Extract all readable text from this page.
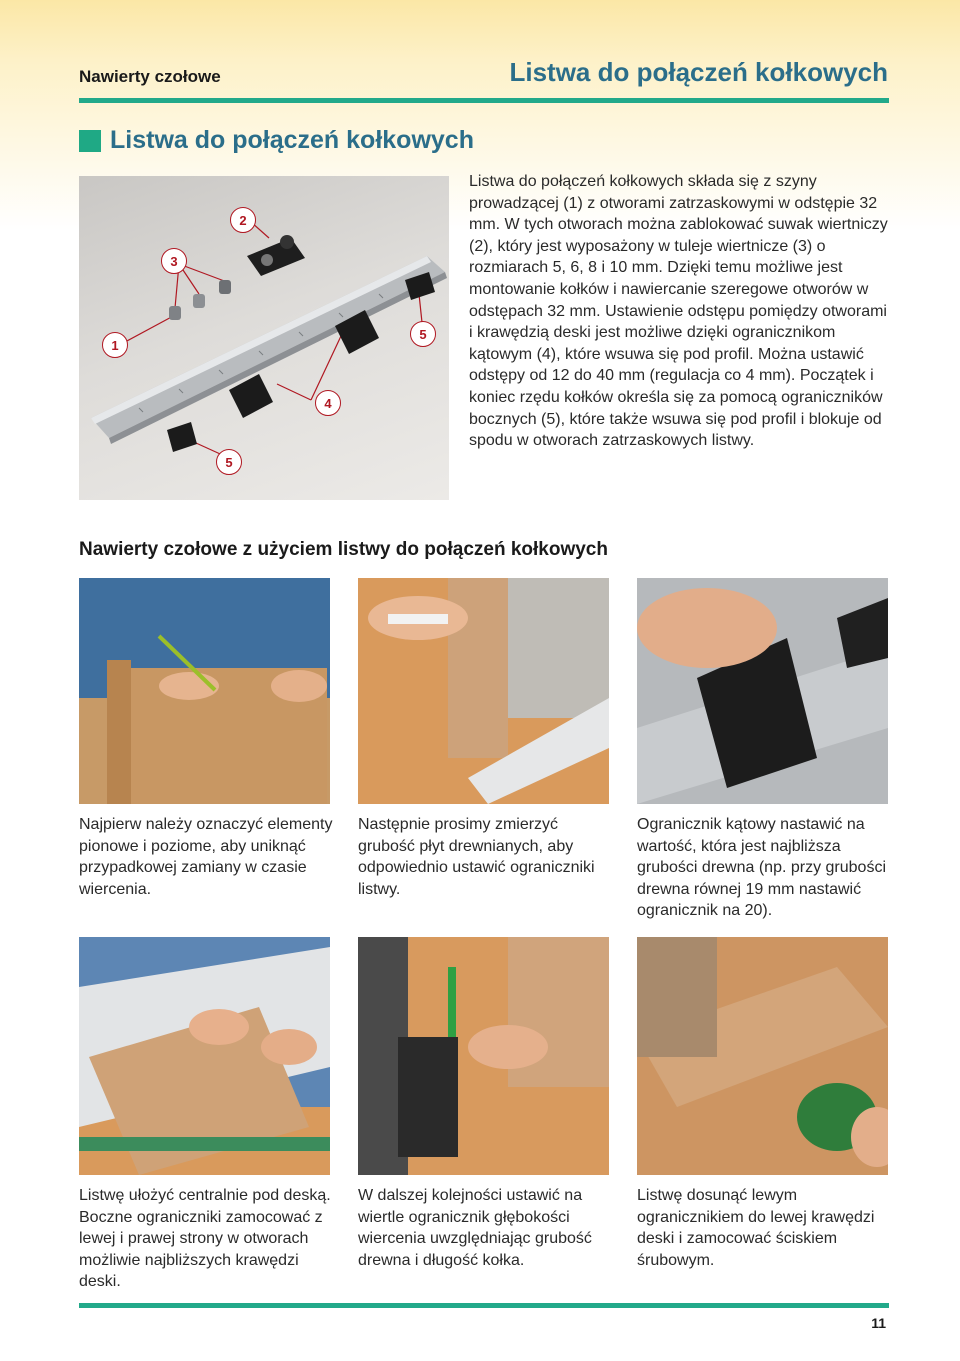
Nawierty czołowe	Listwa do połączeń kołkowych
Listwa do połączeń kołkowych
1
2
3
4
5
5

Listwa do połączeń kołkowych składa się z szyny prowadzącej (1) z otworami zatrzaskowymi w odstępie 32 mm. W tych otworach można zablokować suwak wiertniczy (2), który jest wyposażony w tuleje wiertnicze (3) o rozmiarach 5, 6, 8 i 10 mm. Dzięki temu możliwe jest montowanie kołków i nawiercanie szeregowe otworów w odstępach 32 mm. Ustawienie odstępu pomiędzy otworami i krawędzią deski jest możliwe dzięki ogranicznikom kątowym (4), które wsuwa się pod profil. Można ustawić odstępy od 12 do 40 mm (regulacja co 4 mm). Początek i koniec rzędu kołków określa się za pomocą ograniczników bocznych (5), które także wsuwa się pod profil i blokuje od spodu w otworach zatrzaskowych listwy.

Nawierty czołowe z użyciem listwy do połączeń kołkowych

Najpierw należy oznaczyć elementy pionowe i poziome, aby uniknąć przypadkowej zamiany w czasie wiercenia.

Następnie prosimy zmierzyć grubość płyt drewnianych, aby odpowiednio ustawić ograniczniki listwy.

Ogranicznik kątowy nastawić na wartość, która jest najbliższa grubości drewna (np. przy grubości drewna równej 19 mm nastawić ogranicznik na 20).

Listwę ułożyć centralnie pod deską. Boczne ograniczniki zamocować z lewej i prawej strony w otworach możliwie najbliższych krawędzi deski.

W dalszej kolejności ustawić na wiertle ogranicznik głębokości wiercenia uwzględniając grubość drewna i długość kołka.

Listwę dosunąć lewym ogranicznikiem do lewej krawędzi deski i zamocować ściskiem śrubowym.

11
